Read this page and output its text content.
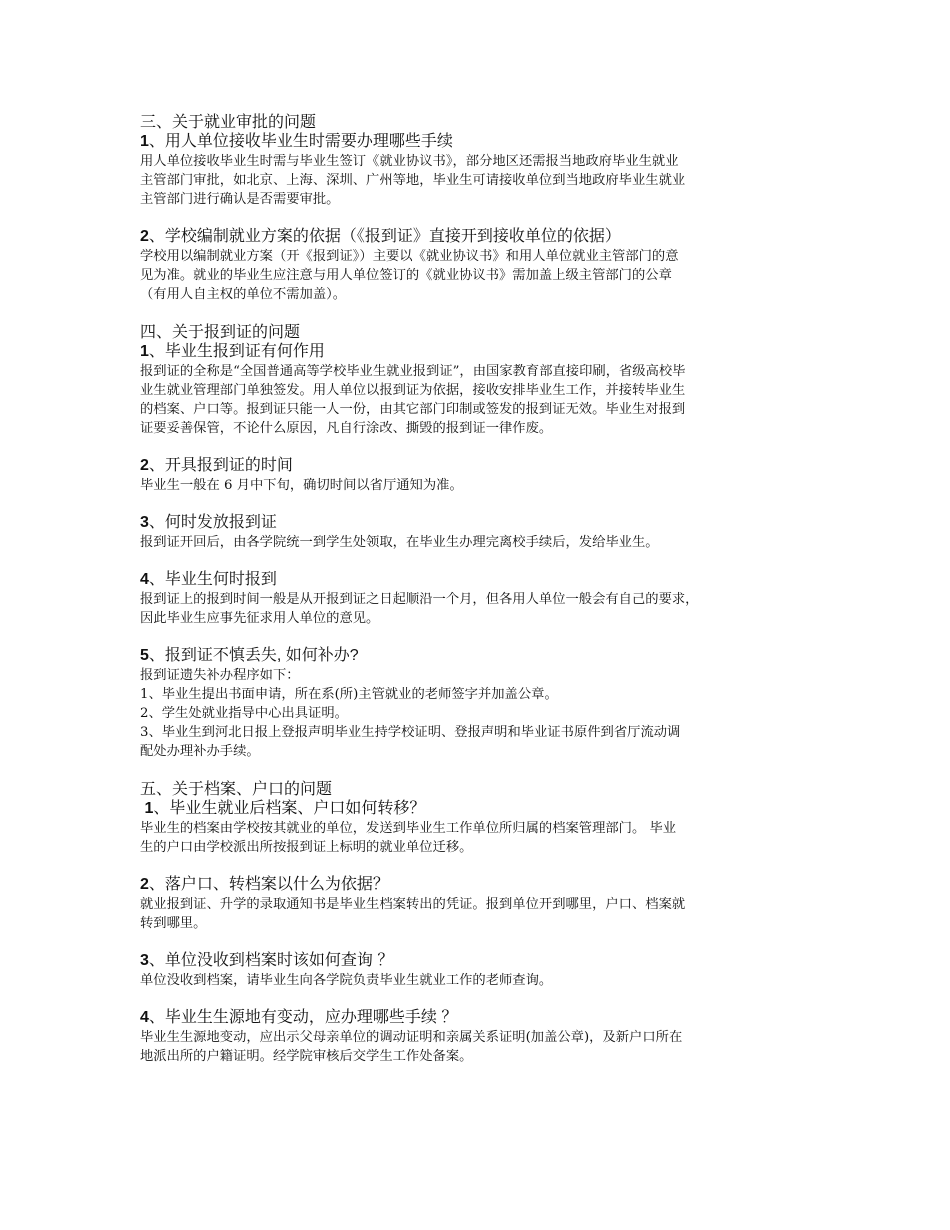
三、关于就业审批的问题

1、用人单位接收毕业生时需要办理哪些手续

用人单位接收毕业生时需与毕业生签订《就业协议书》，部分地区还需报当地政府毕业生就业

主管部门审批，如北京、上海、深圳、广州等地，毕业生可请接收单位到当地政府毕业生就业

主管部门进行确认是否需要审批。

2、学校编制就业方案的依据（《报到证》直接开到接收单位的依据）

学校用以编制就业方案（开《报到证》）主要以《就业协议书》和用人单位就业主管部门的意

见为准。就业的毕业生应注意与用人单位签订的《就业协议书》需加盖上级主管部门的公章

（有用人自主权的单位不需加盖）。

四、关于报到证的问题

1、毕业生报到证有何作用

报到证的全称是“全国普通高等学校毕业生就业报到证”，由国家教育部直接印刷，省级高校毕

业生就业管理部门单独签发。用人单位以报到证为依据，接收安排毕业生工作，并接转毕业生

的档案、户口等。报到证只能一人一份，由其它部门印制或签发的报到证无效。毕业生对报到

证要妥善保管，不论什么原因，凡自行涂改、撕毁的报到证一律作废。

2、开具报到证的时间

毕业生一般在 6 月中下旬，确切时间以省厅通知为准。

3、何时发放报到证

报到证开回后，由各学院统一到学生处领取，在毕业生办理完离校手续后，发给毕业生。

4、毕业生何时报到

报到证上的报到时间一般是从开报到证之日起顺沿一个月，但各用人单位一般会有自己的要求，

因此毕业生应事先征求用人单位的意见。

5、报到证不慎丢失, 如何补办?

报到证遗失补办程序如下：

1、毕业生提出书面申请，所在系(所)主管就业的老师签字并加盖公章。

2、学生处就业指导中心出具证明。

3、毕业生到河北日报上登报声明毕业生持学校证明、登报声明和毕业证书原件到省厅流动调

配处办理补办手续。

五、关于档案、户口的问题

1、毕业生就业后档案、户口如何转移？

毕业生的档案由学校按其就业的单位，发送到毕业生工作单位所归属的档案管理部门。 毕业

生的户口由学校派出所按报到证上标明的就业单位迁移。

2、落户口、转档案以什么为依据？

就业报到证、升学的录取通知书是毕业生档案转出的凭证。报到单位开到哪里，户口、档案就

转到哪里。

3、单位没收到档案时该如何查询 ？

单位没收到档案，请毕业生向各学院负责毕业生就业工作的老师查询。

4、毕业生生源地有变动，应办理哪些手续 ？

毕业生生源地变动，应出示父母亲单位的调动证明和亲属关系证明(加盖公章)，及新户口所在

地派出所的户籍证明。经学院审核后交学生工作处备案。
